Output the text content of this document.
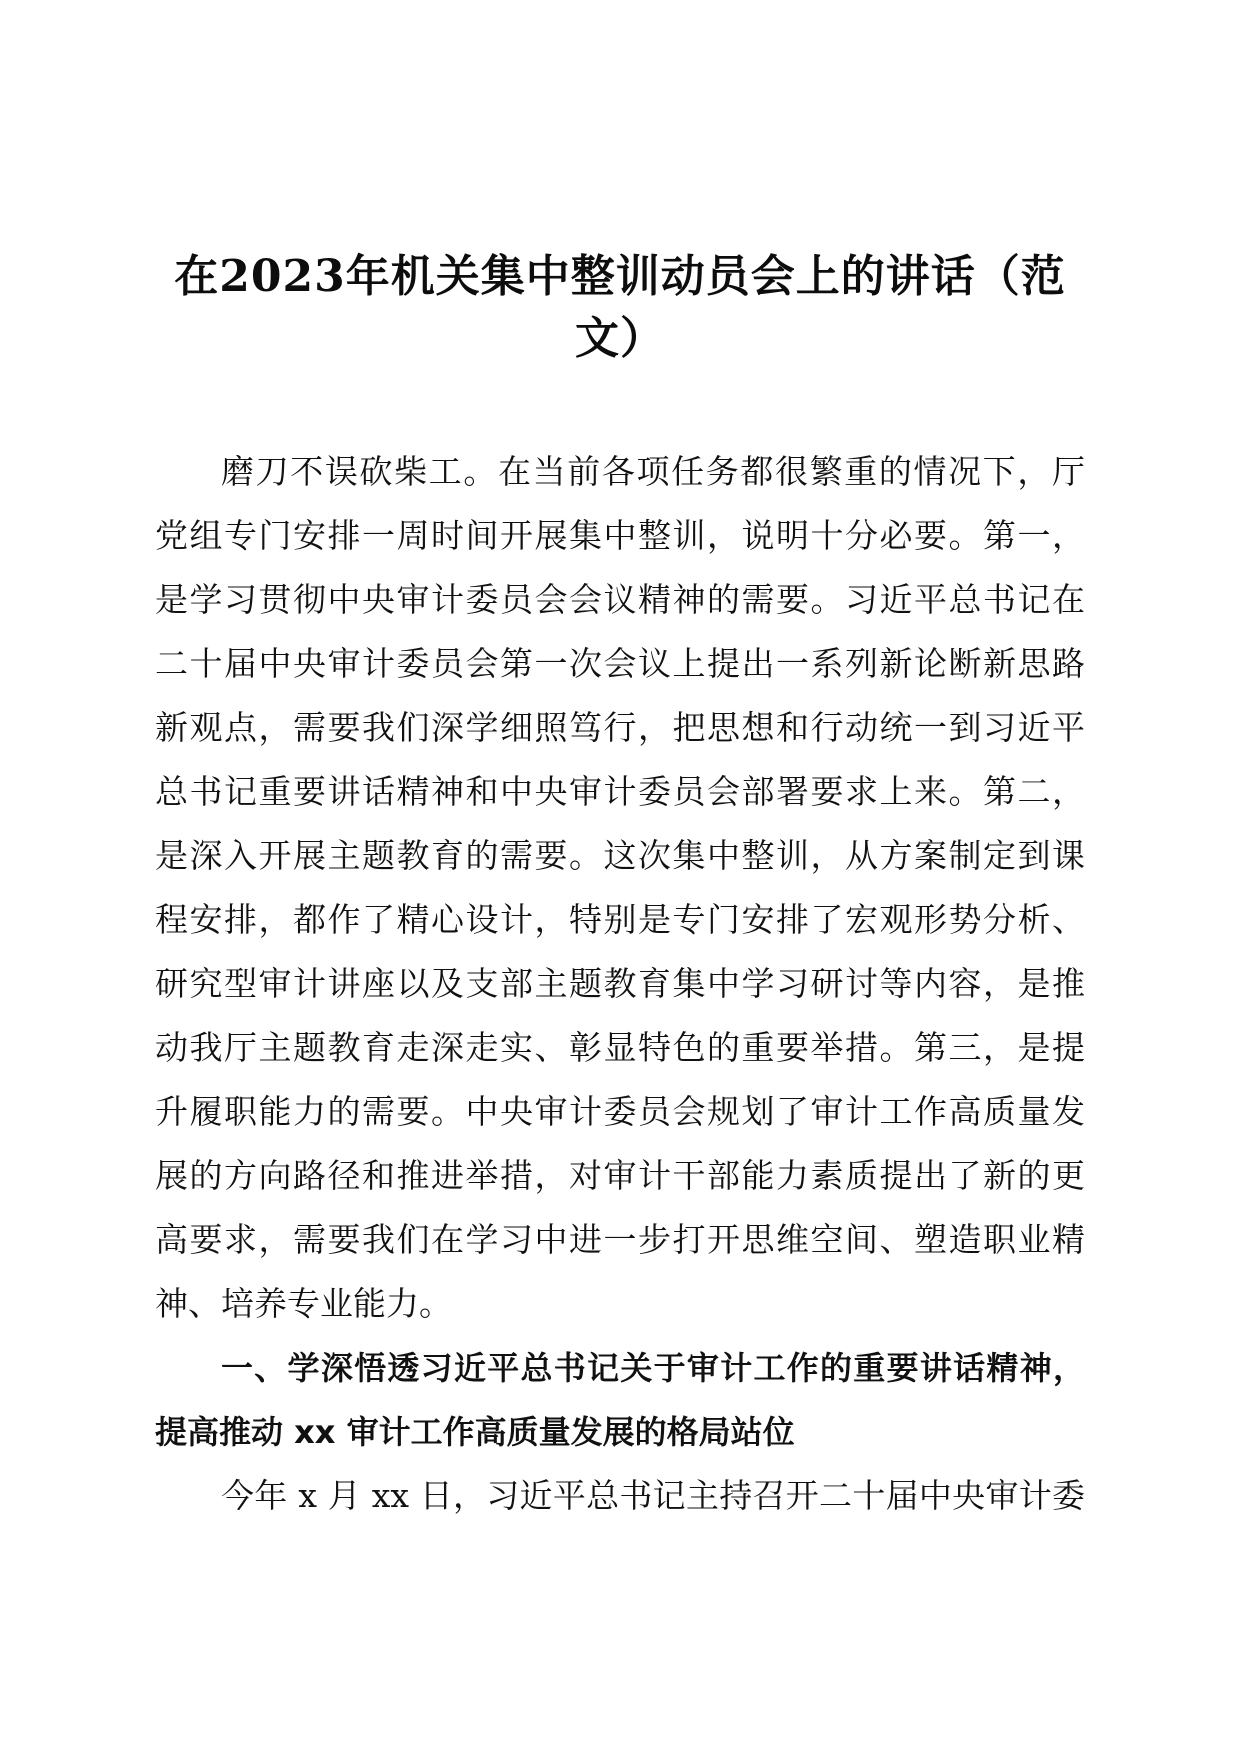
在2023年机关集中整训动员会上的讲话（范
文）
磨刀不误砍柴工。在当前各项任务都很繁重的情况下，厅
党组专门安排一周时间开展集中整训，说明十分必要。第一，
是学习贯彻中央审计委员会会议精神的需要。习近平总书记在
二十届中央审计委员会第一次会议上提出一系列新论断新思路
新观点，需要我们深学细照笃行，把思想和行动统一到习近平
总书记重要讲话精神和中央审计委员会部署要求上来。第二，
是深入开展主题教育的需要。这次集中整训，从方案制定到课
程安排，都作了精心设计，特别是专门安排了宏观形势分析、
研究型审计讲座以及支部主题教育集中学习研讨等内容，是推
动我厅主题教育走深走实、彰显特色的重要举措。第三，是提
升履职能力的需要。中央审计委员会规划了审计工作高质量发
展的方向路径和推进举措，对审计干部能力素质提出了新的更
高要求，需要我们在学习中进一步打开思维空间、塑造职业精
神、培养专业能力。
一、学深悟透习近平总书记关于审计工作的重要讲话精神，
提高推动 xx 审计工作高质量发展的格局站位
今年 x 月 xx 日，习近平总书记主持召开二十届中央审计委
